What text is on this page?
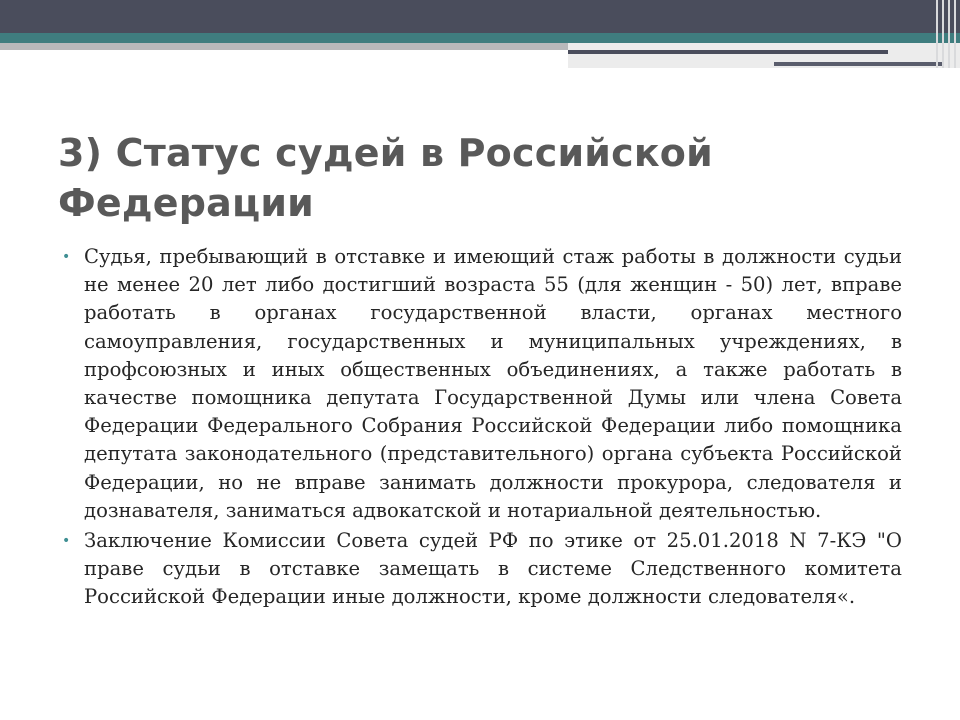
3) Статус судей в Российской Федерации
• Судья, пребывающий в отставке и имеющий стаж работы в должности судьи не менее 20 лет либо достигший возраста 55 (для женщин - 50) лет, вправе работать в органах государственной власти, органах местного самоуправления, государственных и муниципальных учреждениях, в профсоюзных и иных общественных объединениях, а также работать в качестве помощника депутата Государственной Думы или члена Совета Федерации Федерального Собрания Российской Федерации либо помощника депутата законодательного (представительного) органа субъекта Российской Федерации, но не вправе занимать должности прокурора, следователя и дознавателя, заниматься адвокатской и нотариальной деятельностью.
• Заключение Комиссии Совета судей РФ по этике от 25.01.2018 N 7-КЭ "О праве судьи в отставке замещать в системе Следственного комитета Российской Федерации иные должности, кроме должности следователя«.
